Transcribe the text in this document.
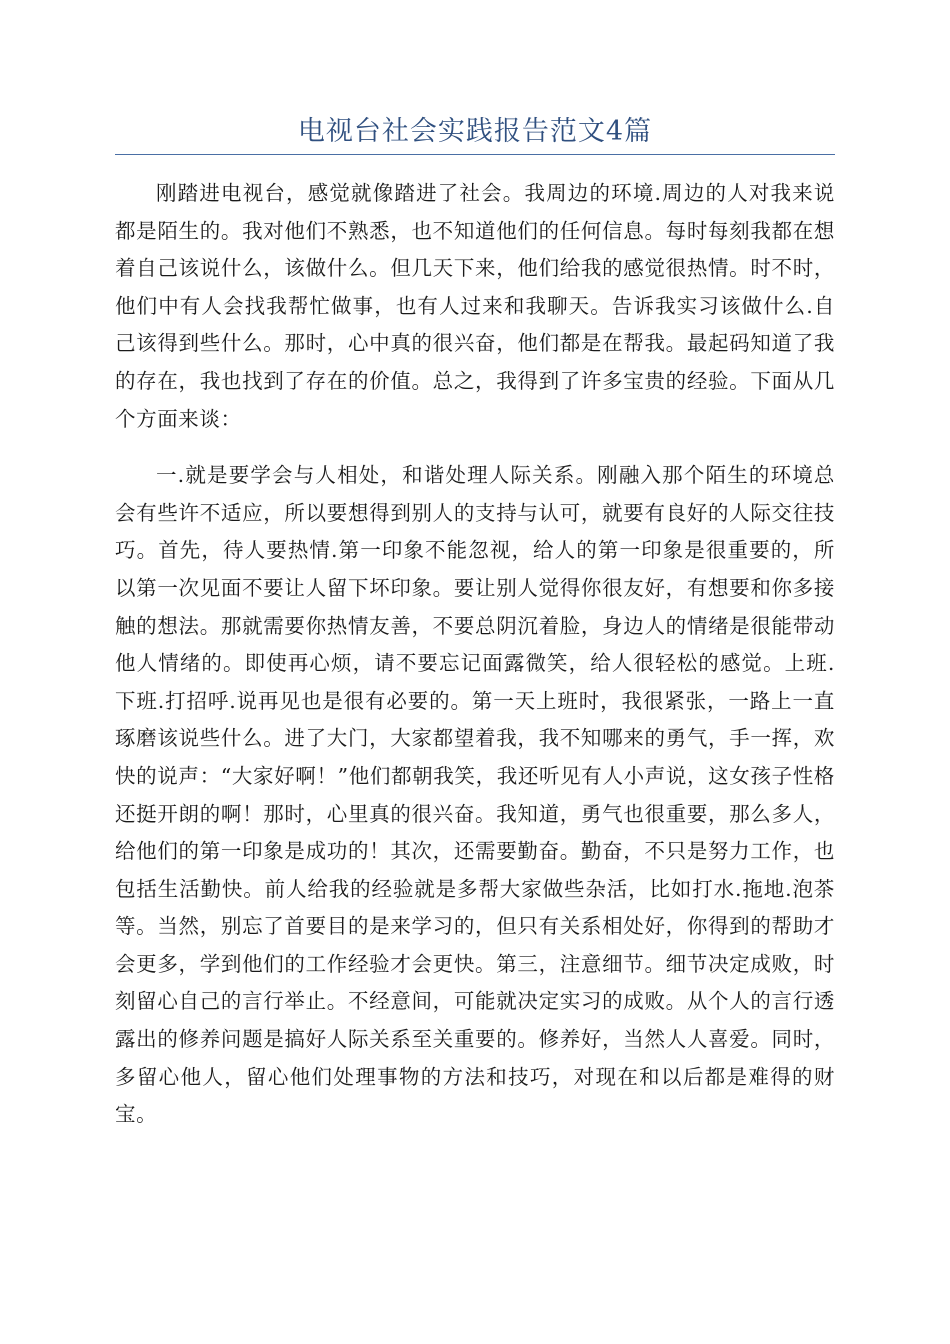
电视台社会实践报告范文4篇

刚踏进电视台，感觉就像踏进了社会。我周边的环境.周边的人对我来说都是陌生的。我对他们不熟悉，也不知道他们的任何信息。每时每刻我都在想着自己该说什么，该做什么。但几天下来，他们给我的感觉很热情。时不时，他们中有人会找我帮忙做事，也有人过来和我聊天。告诉我实习该做什么.自己该得到些什么。那时，心中真的很兴奋，他们都是在帮我。最起码知道了我的存在，我也找到了存在的价值。总之，我得到了许多宝贵的经验。下面从几个方面来谈：

一.就是要学会与人相处，和谐处理人际关系。刚融入那个陌生的环境总会有些许不适应，所以要想得到别人的支持与认可，就要有良好的人际交往技巧。首先，待人要热情.第一印象不能忽视，给人的第一印象是很重要的，所以第一次见面不要让人留下坏印象。要让别人觉得你很友好，有想要和你多接触的想法。那就需要你热情友善，不要总阴沉着脸，身边人的情绪是很能带动他人情绪的。即使再心烦，请不要忘记面露微笑，给人很轻松的感觉。上班.下班.打招呼.说再见也是很有必要的。第一天上班时，我很紧张，一路上一直琢磨该说些什么。进了大门，大家都望着我，我不知哪来的勇气，手一挥，欢快的说声：“大家好啊！”他们都朝我笑，我还听见有人小声说，这女孩子性格还挺开朗的啊！那时，心里真的很兴奋。我知道，勇气也很重要，那么多人，给他们的第一印象是成功的！其次，还需要勤奋。勤奋，不只是努力工作，也包括生活勤快。前人给我的经验就是多帮大家做些杂活，比如打水.拖地.泡茶等。当然，别忘了首要目的是来学习的，但只有关系相处好，你得到的帮助才会更多，学到他们的工作经验才会更快。第三，注意细节。细节决定成败，时刻留心自己的言行举止。不经意间，可能就决定实习的成败。从个人的言行透露出的修养问题是搞好人际关系至关重要的。修养好，当然人人喜爱。同时，多留心他人，留心他们处理事物的方法和技巧，对现在和以后都是难得的财宝。
